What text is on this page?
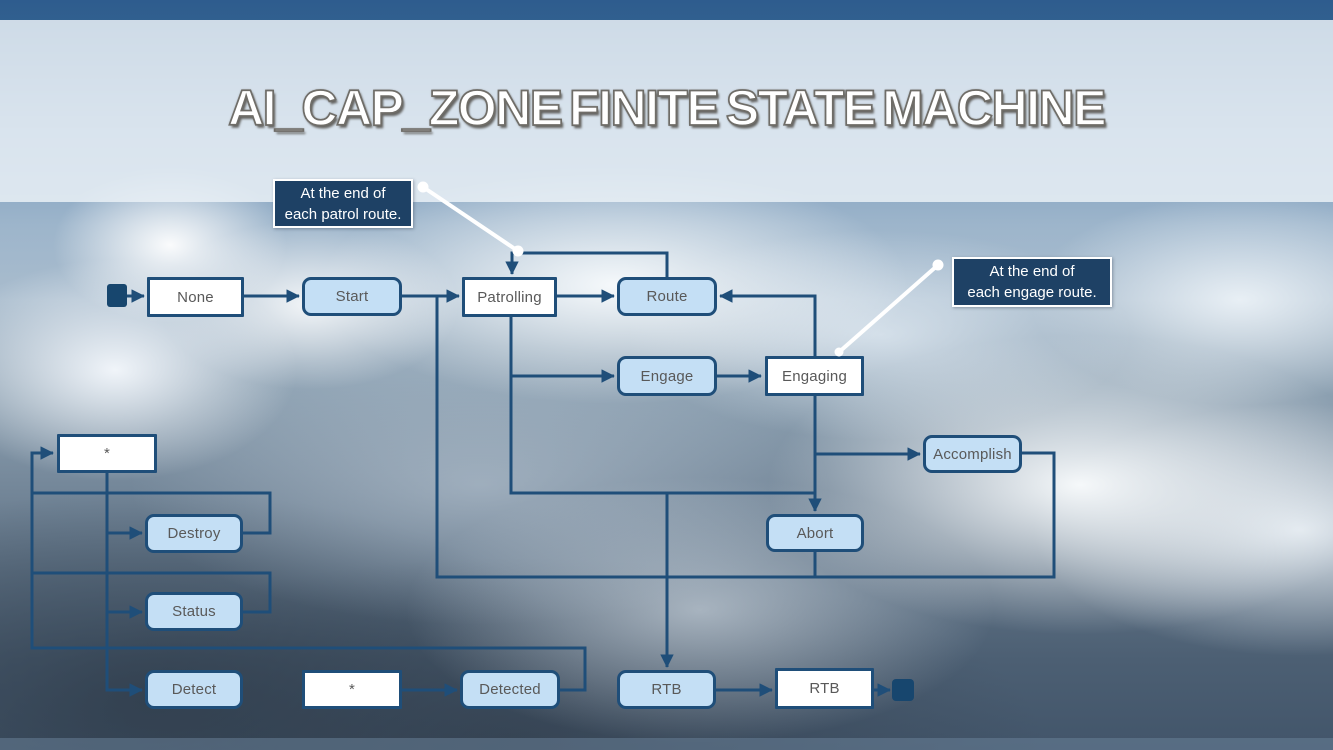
AI_CAP_ZONE FINITE STATE MACHINE
None	Start	Patrolling	Route
Engage	Engaging
Accomplish
Abort
*
Destroy
Status
Detect	*	Detected	RTB	RTB
At the end of
each patrol route.
At the end of
each engage route.
